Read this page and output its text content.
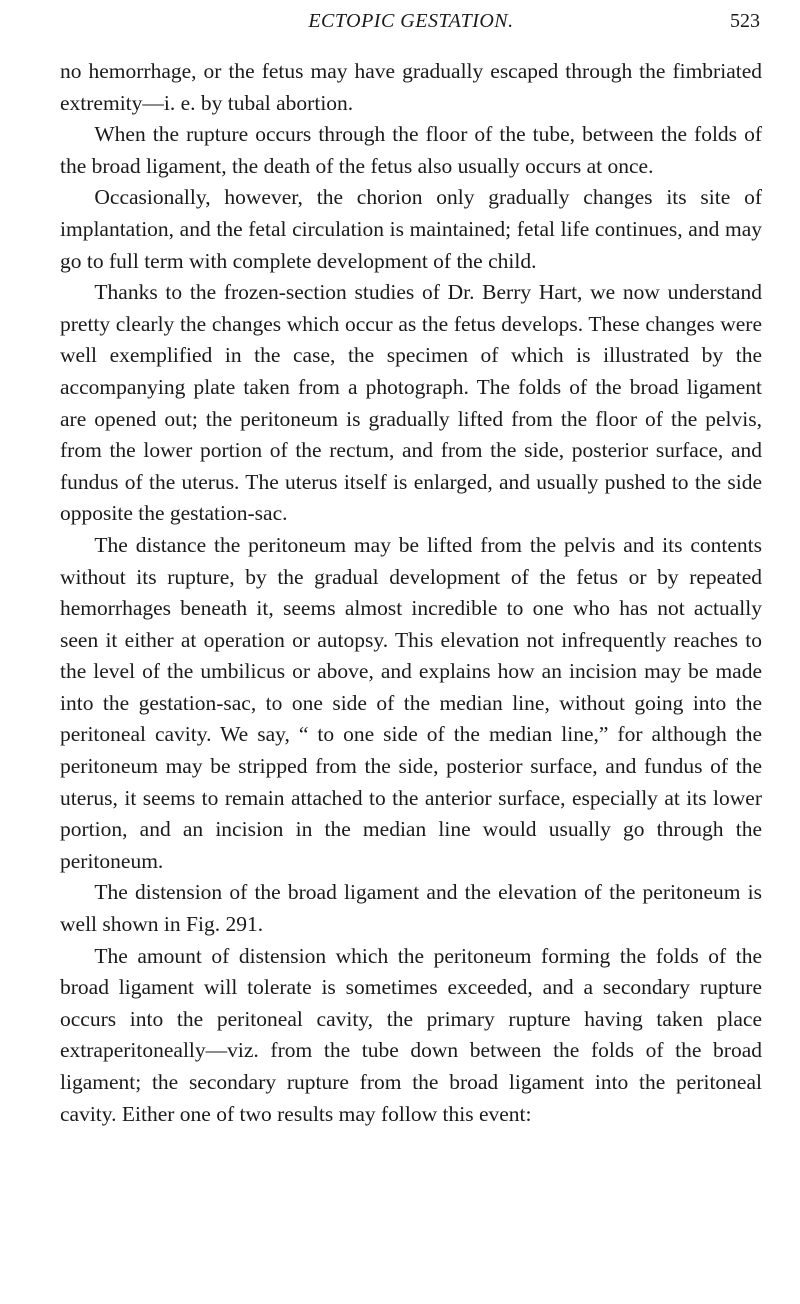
ECTOPIC GESTATION.	523

no hemorrhage, or the fetus may have gradually escaped through the fimbriated extremity—i. e. by tubal abortion.

When the rupture occurs through the floor of the tube, between the folds of the broad ligament, the death of the fetus also usually occurs at once.

Occasionally, however, the chorion only gradually changes its site of implantation, and the fetal circulation is maintained; fetal life continues, and may go to full term with complete development of the child.

Thanks to the frozen-section studies of Dr. Berry Hart, we now understand pretty clearly the changes which occur as the fetus develops. These changes were well exemplified in the case, the specimen of which is illustrated by the accompanying plate taken from a photograph. The folds of the broad ligament are opened out; the peritoneum is gradually lifted from the floor of the pelvis, from the lower portion of the rectum, and from the side, posterior surface, and fundus of the uterus. The uterus itself is enlarged, and usually pushed to the side opposite the gestation-sac.

The distance the peritoneum may be lifted from the pelvis and its contents without its rupture, by the gradual development of the fetus or by repeated hemorrhages beneath it, seems almost incredible to one who has not actually seen it either at operation or autopsy. This elevation not infrequently reaches to the level of the umbilicus or above, and explains how an incision may be made into the gestation-sac, to one side of the median line, without going into the peritoneal cavity. We say, “ to one side of the median line,” for although the peritoneum may be stripped from the side, posterior surface, and fundus of the uterus, it seems to remain attached to the anterior surface, especially at its lower portion, and an incision in the median line would usually go through the peritoneum.

The distension of the broad ligament and the elevation of the peritoneum is well shown in Fig. 291.

The amount of distension which the peritoneum forming the folds of the broad ligament will tolerate is sometimes exceeded, and a secondary rupture occurs into the peritoneal cavity, the primary rupture having taken place extraperitoneally—viz. from the tube down between the folds of the broad ligament; the secondary rupture from the broad ligament into the peritoneal cavity. Either one of two results may follow this event:
